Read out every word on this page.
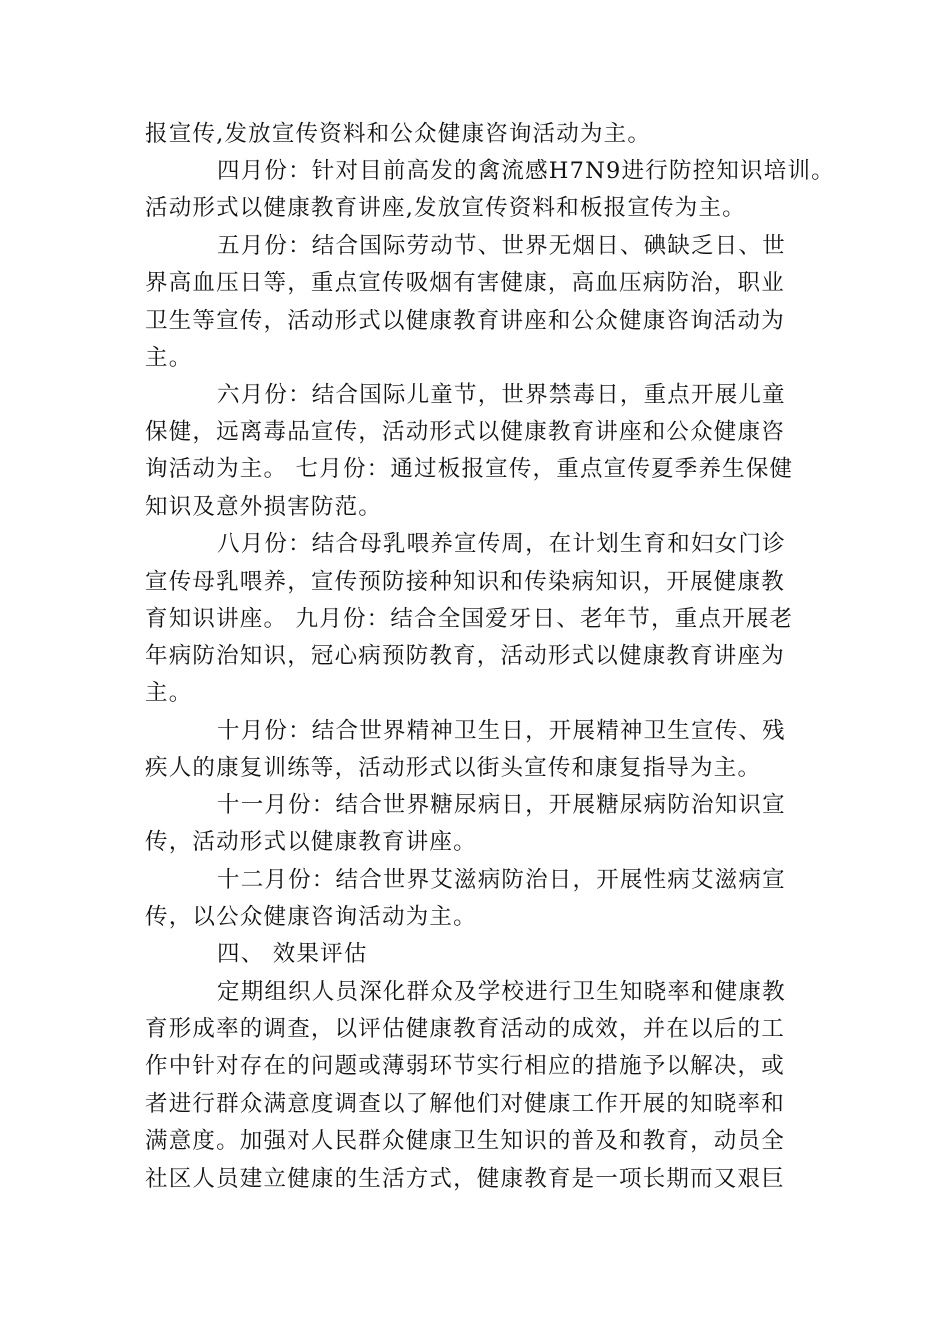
报宣传,发放宣传资料和公众健康咨询活动为主。
四月份：针对目前高发的禽流感H7N9进行防控知识培训。
活动形式以健康教育讲座,发放宣传资料和板报宣传为主。
五月份：结合国际劳动节、世界无烟日、碘缺乏日、世
界高血压日等，重点宣传吸烟有害健康，高血压病防治，职业
卫生等宣传，活动形式以健康教育讲座和公众健康咨询活动为
主。
六月份：结合国际儿童节，世界禁毒日，重点开展儿童
保健，远离毒品宣传，活动形式以健康教育讲座和公众健康咨
询活动为主。 七月份：通过板报宣传，重点宣传夏季养生保健
知识及意外损害防范。
八月份：结合母乳喂养宣传周，在计划生育和妇女门诊
宣传母乳喂养，宣传预防接种知识和传染病知识，开展健康教
育知识讲座。 九月份：结合全国爱牙日、老年节，重点开展老
年病防治知识，冠心病预防教育，活动形式以健康教育讲座为
主。
十月份：结合世界精神卫生日，开展精神卫生宣传、残
疾人的康复训练等，活动形式以街头宣传和康复指导为主。
十一月份：结合世界糖尿病日，开展糖尿病防治知识宣
传，活动形式以健康教育讲座。
十二月份：结合世界艾滋病防治日，开展性病艾滋病宣
传，以公众健康咨询活动为主。
四、 效果评估
定期组织人员深化群众及学校进行卫生知晓率和健康教
育形成率的调查，以评估健康教育活动的成效，并在以后的工
作中针对存在的问题或薄弱环节实行相应的措施予以解决，或
者进行群众满意度调查以了解他们对健康工作开展的知晓率和
满意度。加强对人民群众健康卫生知识的普及和教育，动员全
社区人员建立健康的生活方式，健康教育是一项长期而又艰巨
